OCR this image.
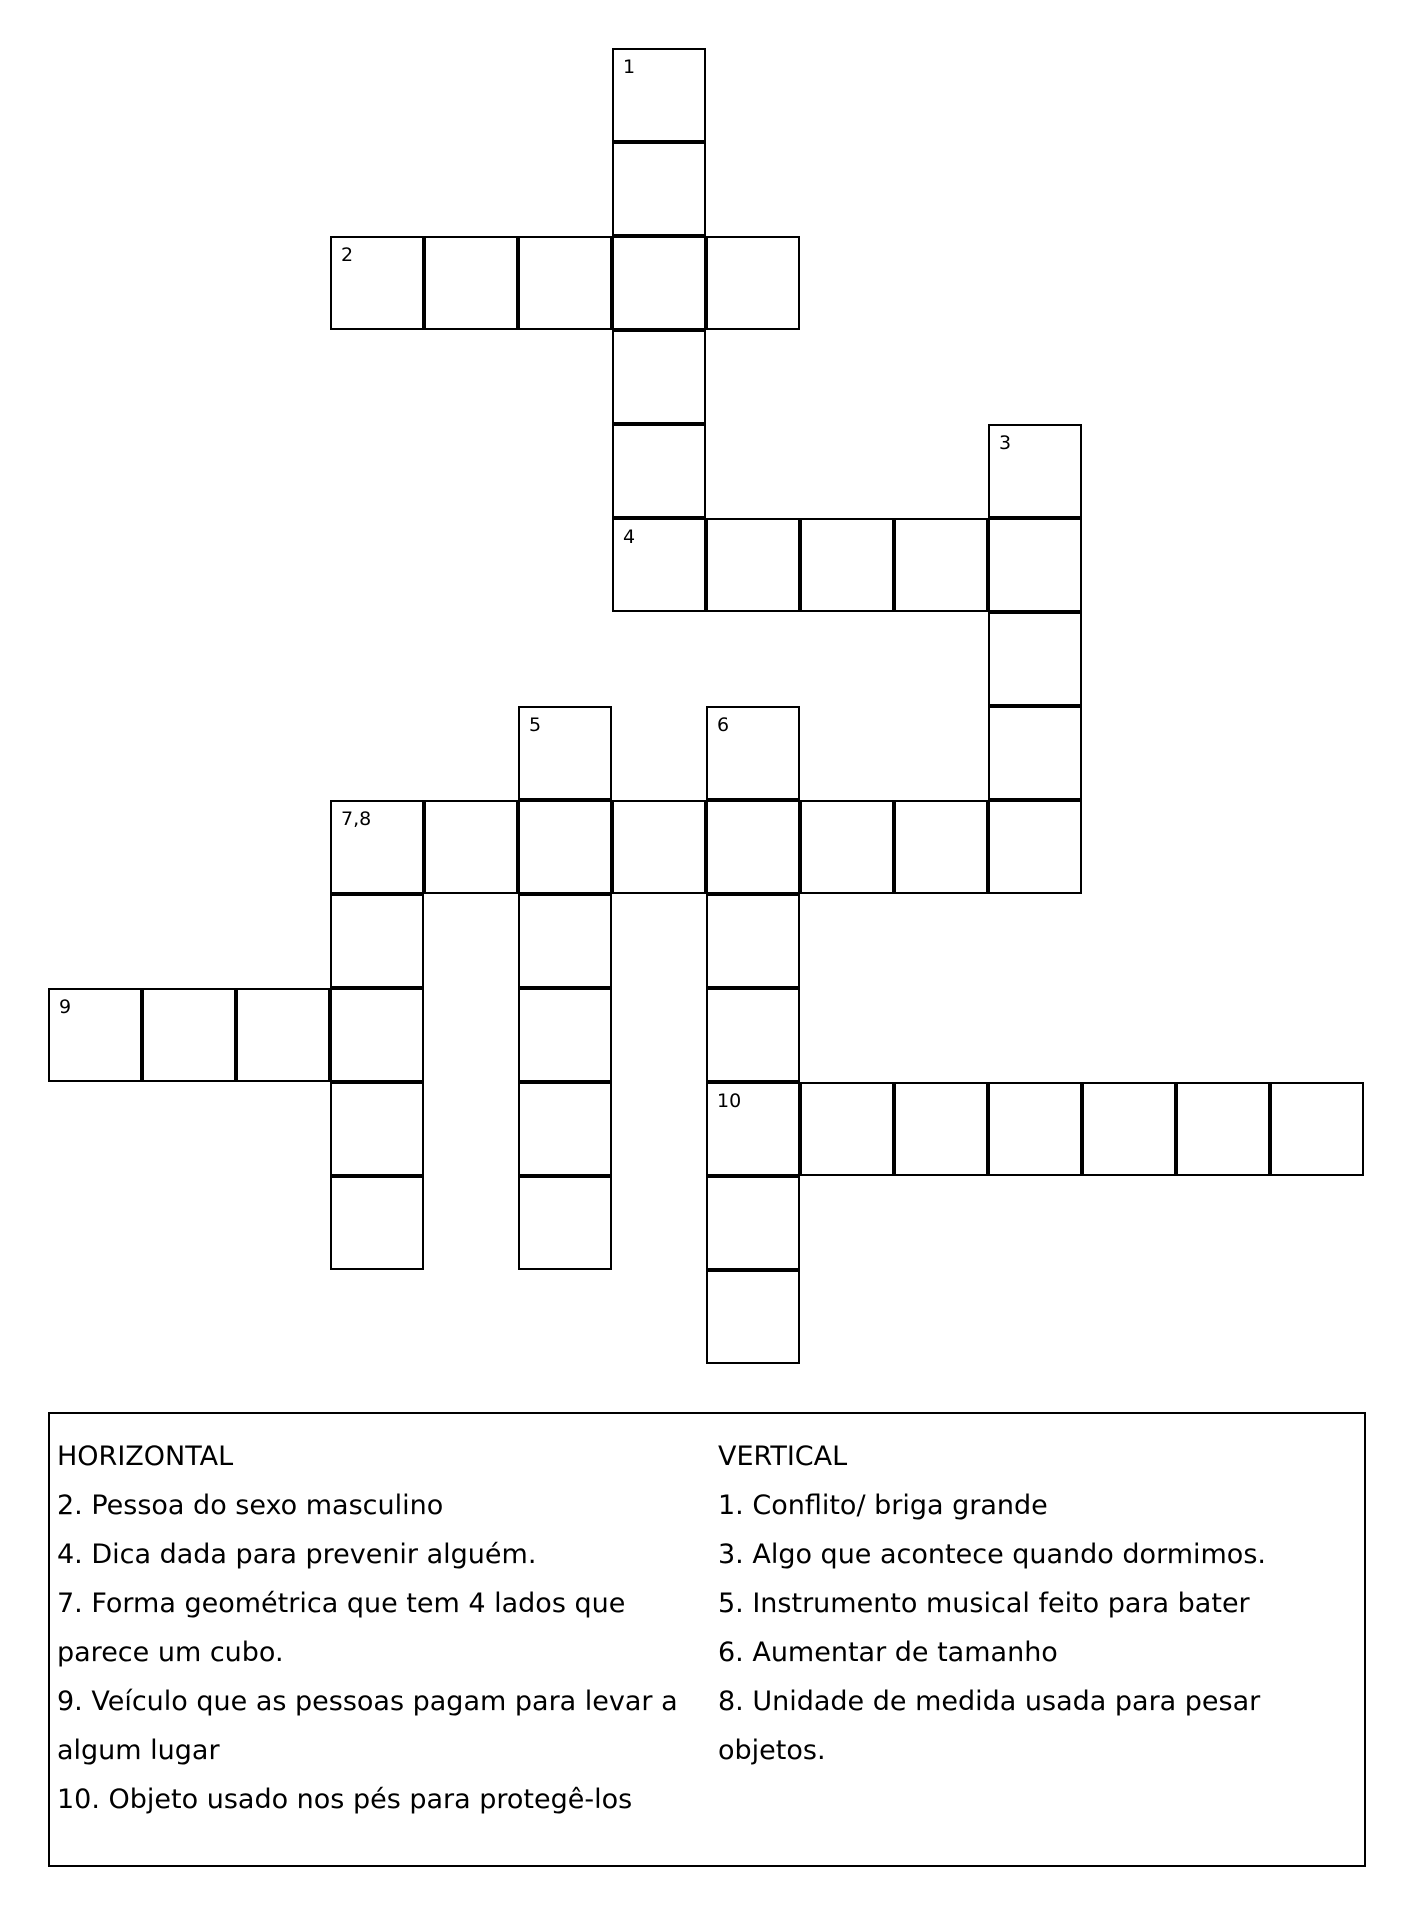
1
2
3
4
5	6
7,8
9
10
HORIZONTAL
2. Pessoa do sexo masculino
4. Dica dada para prevenir alguém.
7. Forma geométrica que tem 4 lados que
parece um cubo.
9. Veículo que as pessoas pagam para levar a
algum lugar
10. Objeto usado nos pés para protegê-los
VERTICAL
1. Conflito/ briga grande
3. Algo que acontece quando dormimos.
5. Instrumento musical feito para bater
6. Aumentar de tamanho
8. Unidade de medida usada para pesar
objetos.
